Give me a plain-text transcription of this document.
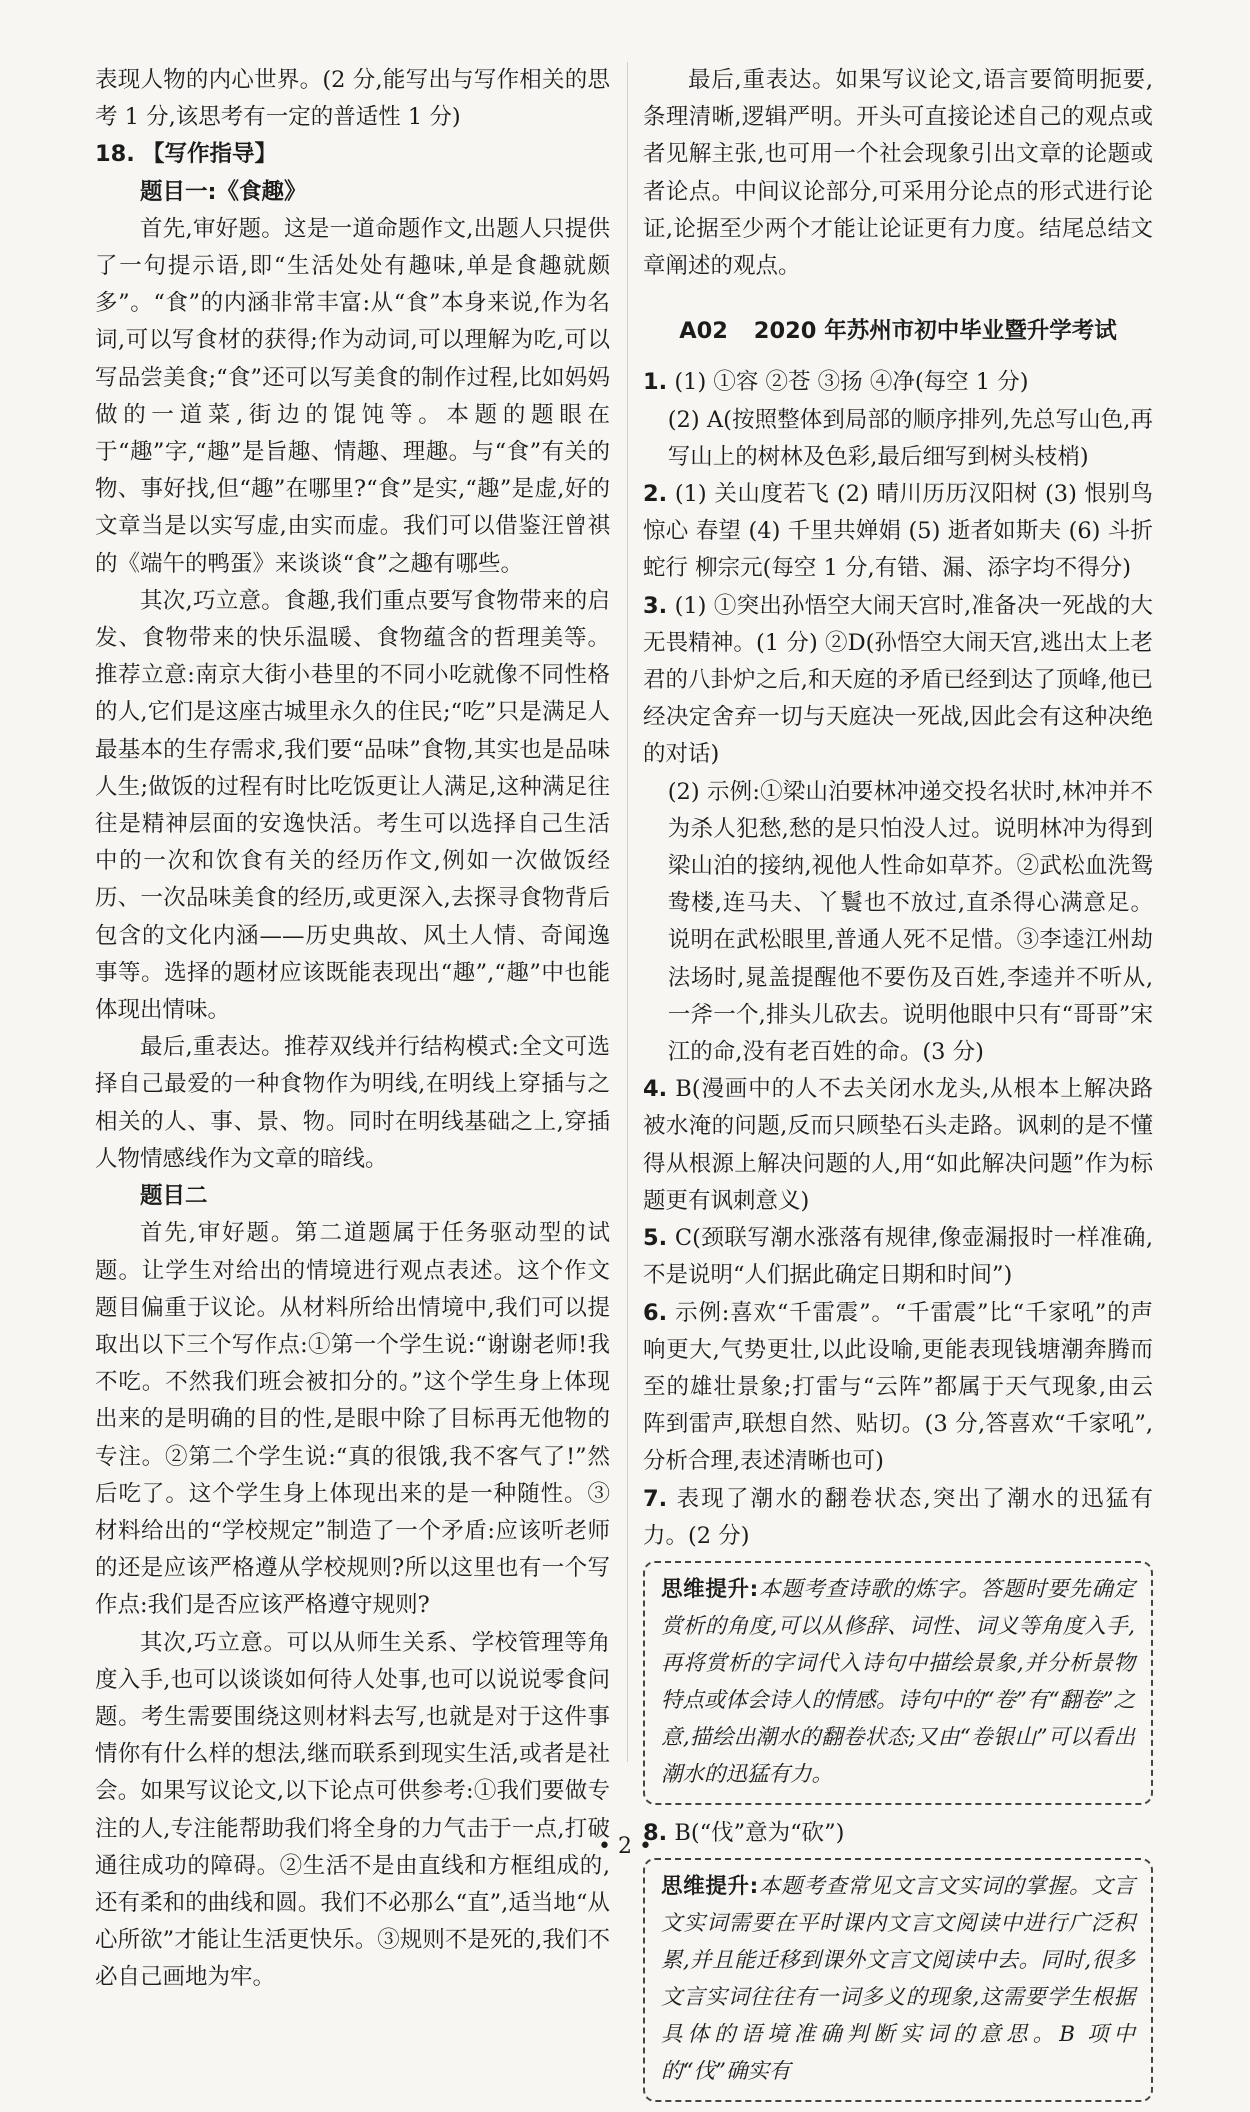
表现人物的内心世界。(2 分,能写出与写作相关的思考 1 分,该思考有一定的普适性 1 分)

18. 【写作指导】

题目一:《食趣》

首先,审好题。这是一道命题作文,出题人只提供了一句提示语,即“生活处处有趣味,单是食趣就颇多”。“食”的内涵非常丰富:从“食”本身来说,作为名词,可以写食材的获得;作为动词,可以理解为吃,可以写品尝美食;“食”还可以写美食的制作过程,比如妈妈做的一道菜,街边的馄饨等。本题的题眼在于“趣”字,“趣”是旨趣、情趣、理趣。与“食”有关的物、事好找,但“趣”在哪里?“食”是实,“趣”是虚,好的文章当是以实写虚,由实而虚。我们可以借鉴汪曾祺的《端午的鸭蛋》来谈谈“食”之趣有哪些。

其次,巧立意。食趣,我们重点要写食物带来的启发、食物带来的快乐温暖、食物蕴含的哲理美等。推荐立意:南京大街小巷里的不同小吃就像不同性格的人,它们是这座古城里永久的住民;“吃”只是满足人最基本的生存需求,我们要“品味”食物,其实也是品味人生;做饭的过程有时比吃饭更让人满足,这种满足往往是精神层面的安逸快活。考生可以选择自己生活中的一次和饮食有关的经历作文,例如一次做饭经历、一次品味美食的经历,或更深入,去探寻食物背后包含的文化内涵——历史典故、风土人情、奇闻逸事等。选择的题材应该既能表现出“趣”,“趣”中也能体现出情味。

最后,重表达。推荐双线并行结构模式:全文可选择自己最爱的一种食物作为明线,在明线上穿插与之相关的人、事、景、物。同时在明线基础之上,穿插人物情感线作为文章的暗线。

题目二

首先,审好题。第二道题属于任务驱动型的试题。让学生对给出的情境进行观点表述。这个作文题目偏重于议论。从材料所给出情境中,我们可以提取出以下三个写作点:①第一个学生说:“谢谢老师!我不吃。不然我们班会被扣分的。”这个学生身上体现出来的是明确的目的性,是眼中除了目标再无他物的专注。②第二个学生说:“真的很饿,我不客气了!”然后吃了。这个学生身上体现出来的是一种随性。③材料给出的“学校规定”制造了一个矛盾:应该听老师的还是应该严格遵从学校规则?所以这里也有一个写作点:我们是否应该严格遵守规则?

其次,巧立意。可以从师生关系、学校管理等角度入手,也可以谈谈如何待人处事,也可以说说零食问题。考生需要围绕这则材料去写,也就是对于这件事情你有什么样的想法,继而联系到现实生活,或者是社会。如果写议论文,以下论点可供参考:①我们要做专注的人,专注能帮助我们将全身的力气击于一点,打破通往成功的障碍。②生活不是由直线和方框组成的,还有柔和的曲线和圆。我们不必那么“直”,适当地“从心所欲”才能让生活更快乐。③规则不是死的,我们不必自己画地为牢。

最后,重表达。如果写议论文,语言要简明扼要,条理清晰,逻辑严明。开头可直接论述自己的观点或者见解主张,也可用一个社会现象引出文章的论题或者论点。中间议论部分,可采用分论点的形式进行论证,论据至少两个才能让论证更有力度。结尾总结文章阐述的观点。

A02 2020 年苏州市初中毕业暨升学考试

1. (1) ①容 ②苍 ③扬 ④净(每空 1 分)

(2) A(按照整体到局部的顺序排列,先总写山色,再写山上的树林及色彩,最后细写到树头枝梢)

2. (1) 关山度若飞 (2) 晴川历历汉阳树 (3) 恨别鸟惊心 春望 (4) 千里共婵娟 (5) 逝者如斯夫 (6) 斗折蛇行 柳宗元(每空 1 分,有错、漏、添字均不得分)

3. (1) ①突出孙悟空大闹天宫时,准备决一死战的大无畏精神。(1 分) ②D(孙悟空大闹天宫,逃出太上老君的八卦炉之后,和天庭的矛盾已经到达了顶峰,他已经决定舍弃一切与天庭决一死战,因此会有这种决绝的对话)

(2) 示例:①梁山泊要林冲递交投名状时,林冲并不为杀人犯愁,愁的是只怕没人过。说明林冲为得到梁山泊的接纳,视他人性命如草芥。②武松血洗鸳鸯楼,连马夫、丫鬟也不放过,直杀得心满意足。说明在武松眼里,普通人死不足惜。③李逵江州劫法场时,晁盖提醒他不要伤及百姓,李逵并不听从,一斧一个,排头儿砍去。说明他眼中只有“哥哥”宋江的命,没有老百姓的命。(3 分)

4. B(漫画中的人不去关闭水龙头,从根本上解决路被水淹的问题,反而只顾垫石头走路。讽刺的是不懂得从根源上解决问题的人,用“如此解决问题”作为标题更有讽刺意义)

5. C(颈联写潮水涨落有规律,像壶漏报时一样准确,不是说明“人们据此确定日期和时间”)

6. 示例:喜欢“千雷震”。“千雷震”比“千家吼”的声响更大,气势更壮,以此设喻,更能表现钱塘潮奔腾而至的雄壮景象;打雷与“云阵”都属于天气现象,由云阵到雷声,联想自然、贴切。(3 分,答喜欢“千家吼”,分析合理,表述清晰也可)

7. 表现了潮水的翻卷状态,突出了潮水的迅猛有力。(2 分)

思维提升:本题考查诗歌的炼字。答题时要先确定赏析的角度,可以从修辞、词性、词义等角度入手,再将赏析的字词代入诗句中描绘景象,并分析景物特点或体会诗人的情感。诗句中的“卷”有“翻卷”之意,描绘出潮水的翻卷状态;又由“卷银山”可以看出潮水的迅猛有力。

8. B(“伐”意为“砍”)

思维提升:本题考查常见文言文实词的掌握。文言文实词需要在平时课内文言文阅读中进行广泛积累,并且能迁移到课外文言文阅读中去。同时,很多文言实词往往有一词多义的现象,这需要学生根据具体的语境准确判断实词的意思。B 项中的“伐”确实有
• 2 •
